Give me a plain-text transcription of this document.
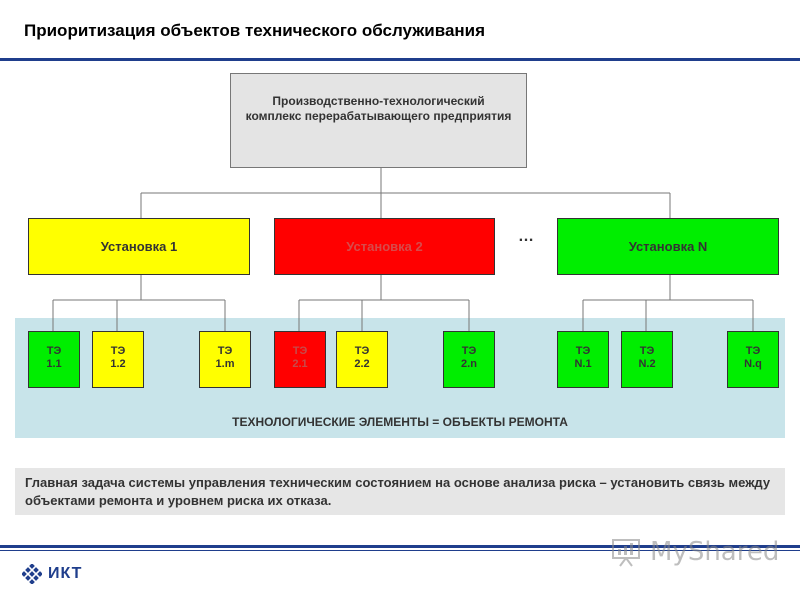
Приоритизация объектов технического обслуживания
Производственно-технологический комплекс перерабатывающего предприятия
Установка 1	Установка 2
…
Установка N
ТЭ
1.1
ТЭ
1.2
ТЭ
1.m
ТЭ
2.1
ТЭ
2.2
ТЭ
2.n
ТЭ
N.1
ТЭ
N.2
ТЭ
N.q
ТЕХНОЛОГИЧЕСКИЕ ЭЛЕМЕНТЫ = ОБЪЕКТЫ РЕМОНТА
Главная задача системы управления техническим состоянием на основе анализа риска – установить связь между объектами ремонта и уровнем риска их отказа.
ИКТ
MyShared
